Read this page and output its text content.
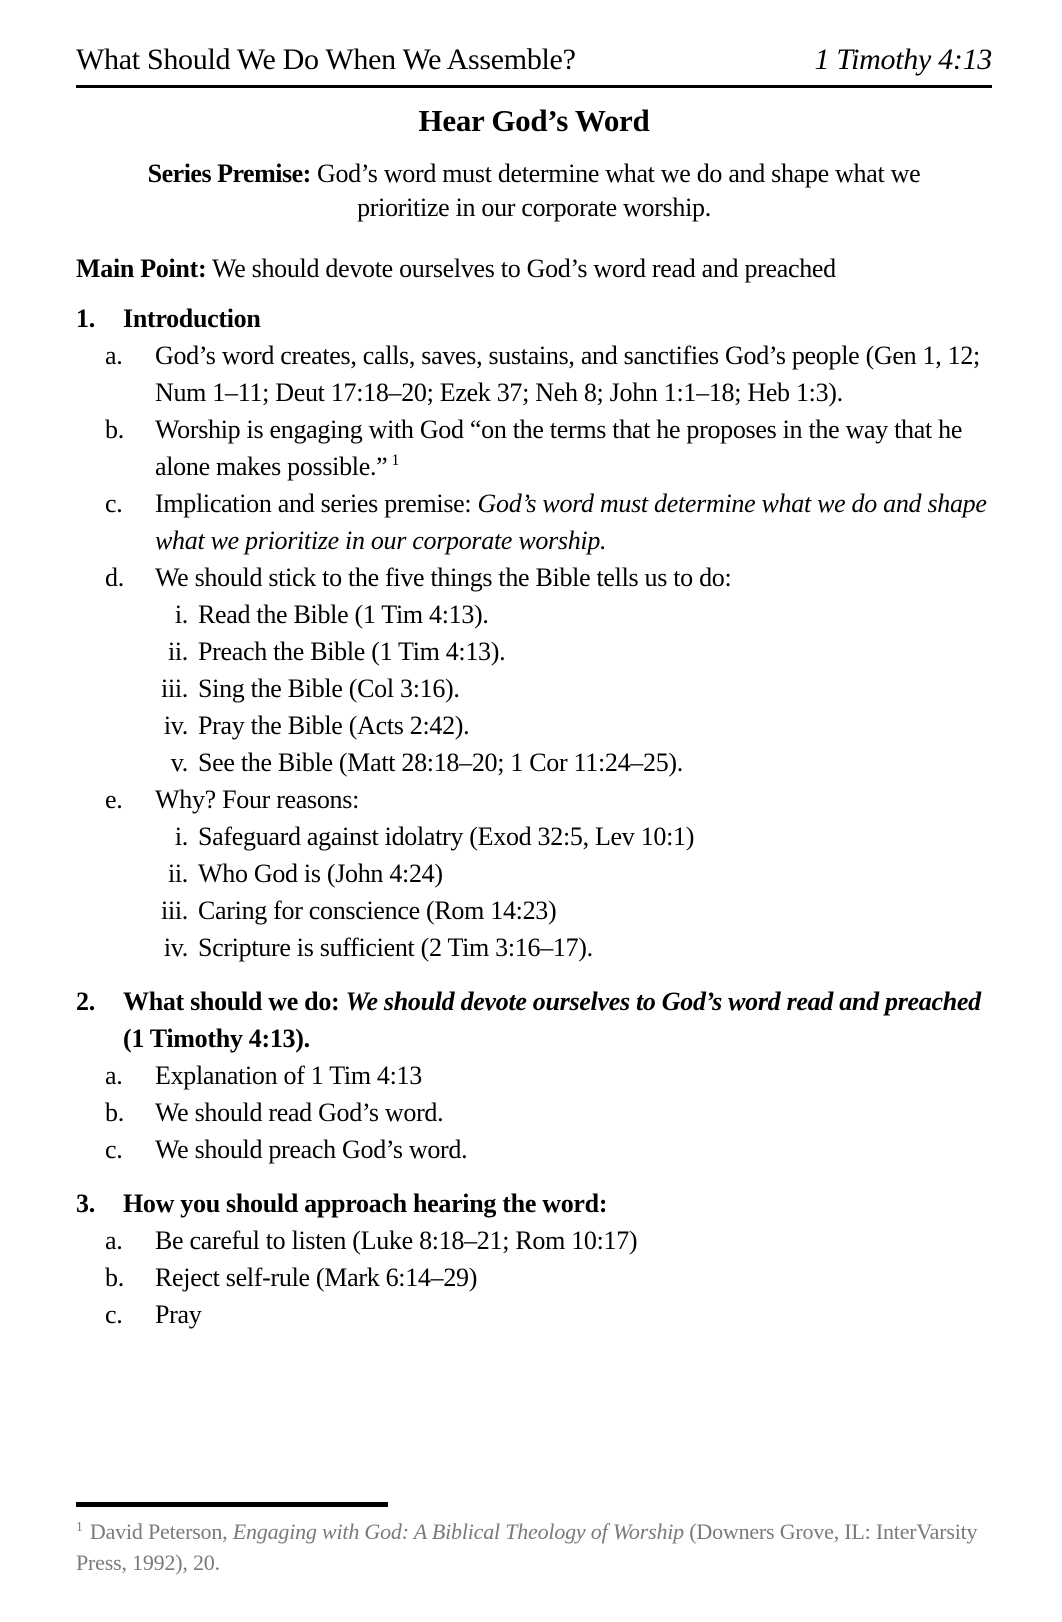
What Should We Do When We Assemble?	1 Timothy 4:13
Hear God’s Word
Series Premise: God’s word must determine what we do and shape what we prioritize in our corporate worship.
Main Point: We should devote ourselves to God’s word read and preached
1.	Introduction
a.	God’s word creates, calls, saves, sustains, and sanctifies God’s people (Gen 1, 12; Num 1–11; Deut 17:18–20; Ezek 37; Neh 8; John 1:1–18; Heb 1:3).
b.	Worship is engaging with God “on the terms that he proposes in the way that he alone makes possible.” $^1$
c.	Implication and series premise: God’s word must determine what we do and shape what we prioritize in our corporate worship.
d.	We should stick to the five things the Bible tells us to do:
i. Read the Bible (1 Tim 4:13).
ii. Preach the Bible (1 Tim 4:13).
iii. Sing the Bible (Col 3:16).
iv. Pray the Bible (Acts 2:42).
v. See the Bible (Matt 28:18–20; 1 Cor 11:24–25).
e.	Why? Four reasons:
i. Safeguard against idolatry (Exod 32:5, Lev 10:1)
ii. Who God is (John 4:24)
iii. Caring for conscience (Rom 14:23)
iv. Scripture is sufficient (2 Tim 3:16–17).
2.	What should we do: We should devote ourselves to God’s word read and preached (1 Timothy 4:13).
a.	Explanation of 1 Tim 4:13
b.	We should read God’s word.
c.	We should preach God’s word.
3.	How you should approach hearing the word:
a.	Be careful to listen (Luke 8:18–21; Rom 10:17)
b.	Reject self-rule (Mark 6:14–29)
c.	Pray
$^1$ David Peterson, Engaging with God: A Biblical Theology of Worship (Downers Grove, IL: InterVarsity Press, 1992), 20.
